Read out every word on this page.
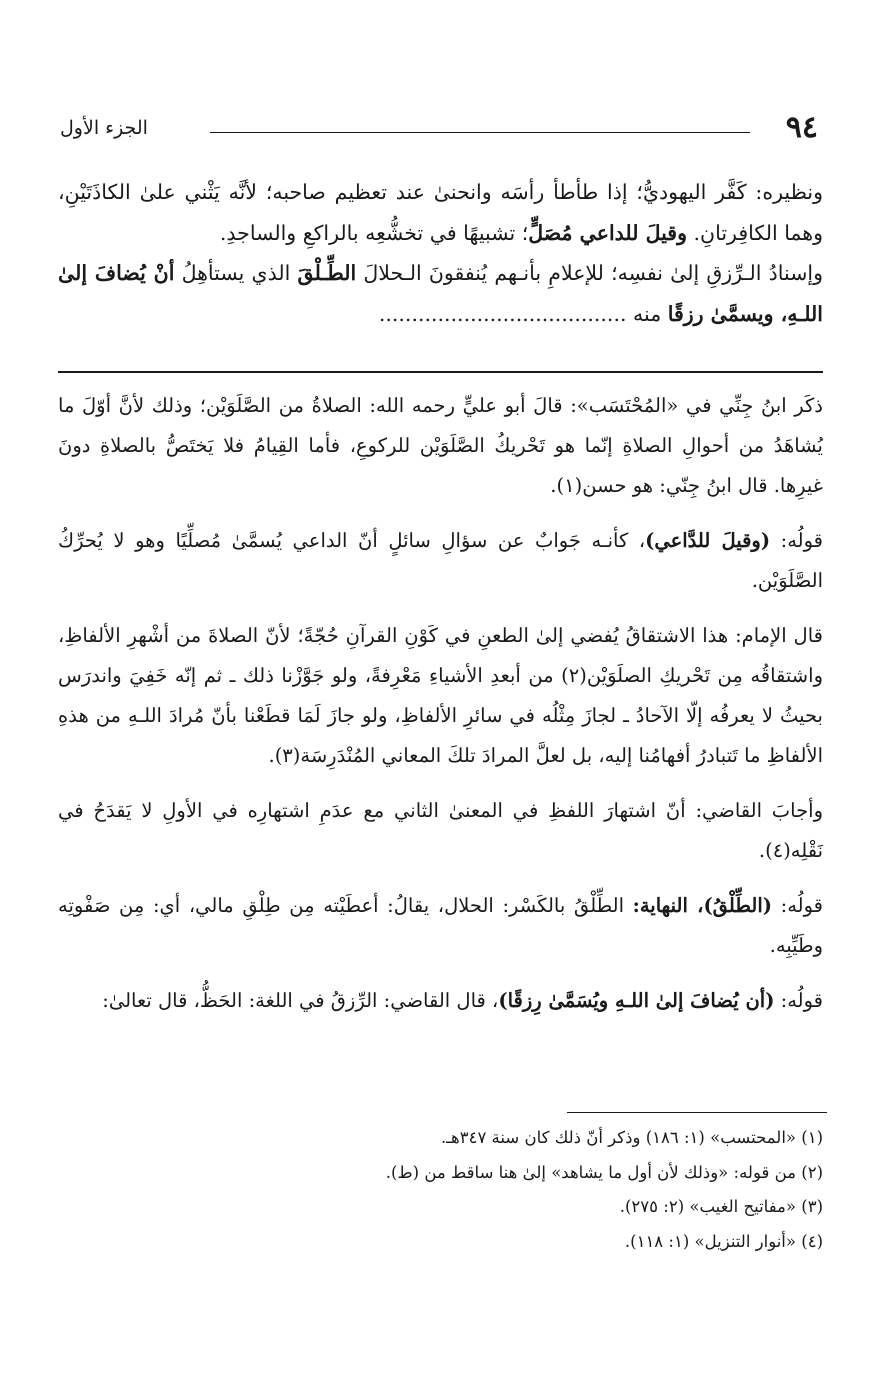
٩٤
الجزء الأول

ونظيره: كَفَّر اليهوديُّ؛ إذا طأطأ رأسَه وانحنىٰ عند تعظيم صاحبه؛ لأنَّه يَثْني علىٰ الكاذَتَيْنِ، وهما الكافِرتانِ. وقيلَ للداعي مُصَلٍّ؛ تشبيهًا في تخشُّعِه بالراكعِ والساجدِ.

وإسنادُ الـرِّزقِ إلىٰ نفسِه؛ للإعلامِ بأنـهم يُنفقونَ الـحلالَ الطِّـلْقَ الذي يستأهِلُ أنْ يُضافَ إلىٰ اللـهِ، ويسمَّىٰ رزقًا منه ......................................

ذكَر ابنُ جِنِّي في «المُحْتَسَب»: قالَ أبو عليٍّ رحمه الله: الصلاةُ من الصَّلَوَيْن؛ وذلك لأنَّ أوّلَ ما يُشاهَدُ من أحوالِ الصلاةِ إنّما هو تَحْريكُ الصَّلَوَيْن للركوعِ، فأما القِيامُ فلا يَختَصُّ بالصلاةِ دونَ غيرِها. قال ابنُ جِنّي: هو حسن(١).

قولُه: (وقيلَ للدَّاعي)، كأنـه جَوابٌ عن سؤالِ سائلٍ أنّ الداعي يُسمَّىٰ مُصلِّيًا وهو لا يُحرِّكُ الصَّلَوَيْن.

قال الإمام: هذا الاشتقاقُ يُفضي إلىٰ الطعنِ في كَوْنِ القرآنِ حُجّةً؛ لأنّ الصلاةَ من أشْهرِ الألفاظِ، واشتقاقُه مِن تَحْريكِ الصلَوَيْن(٢) من أبعدِ الأشياءِ مَعْرِفةً، ولو جَوَّزْنا ذلك ـ ثم إنّه خَفِيَ واندرَس بحيثُ لا يعرفُه إلّا الآحادُ ـ لجازَ مِثْلُه في سائرِ الألفاظِ، ولو جازَ لَمَا قطَعْنا بأنّ مُرادَ اللـهِ من هذهِ الألفاظِ ما تَتبادرُ أفهامُنا إليه، بل لعلَّ المرادَ تلكَ المعاني المُنْدَرِسَة(٣).

وأجابَ القاضي: أنّ اشتهارَ اللفظِ في المعنىٰ الثاني مع عدَمِ اشتهارِه في الأولِ لا يَقدَحُ في نَقْلِه(٤).

قولُه: (الطِّلْقُ)، النهاية: الطِّلْقُ بالكَسْر: الحلال، يقالُ: أعطَيْته مِن طِلْقِ مالي، أي: مِن صَفْوتِه وطَيِّبِه.

قولُه: (أن يُضافَ إلىٰ اللـهِ ويُسَمَّىٰ رِزقًا)، قال القاضي: الرِّزقُ في اللغة: الحَظُّ، قال تعالىٰ:

(١) «المحتسب» (١: ١٨٦) وذكر أنّ ذلك كان سنة ٣٤٧هـ.

(٢) من قوله: «وذلك لأن أول ما يشاهد» إلىٰ هنا ساقط من (ط).

(٣) «مفاتيح الغيب» (٢: ٢٧٥).

(٤) «أنوار التنزيل» (١: ١١٨).
